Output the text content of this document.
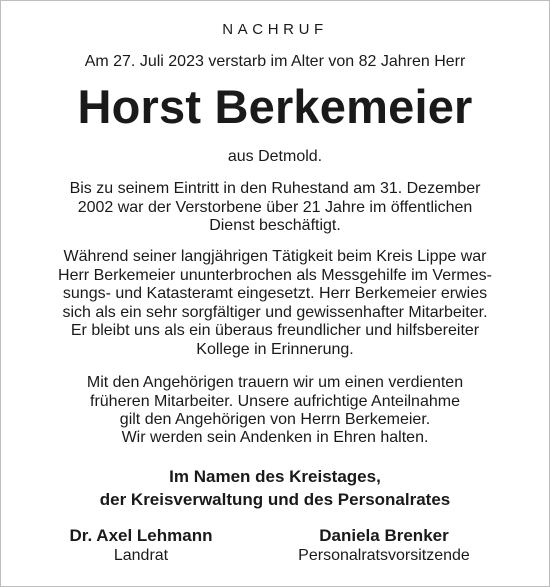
NACHRUF
Am 27. Juli 2023 verstarb im Alter von 82 Jahren Herr
Horst Berkemeier
aus Detmold.
Bis zu seinem Eintritt in den Ruhestand am 31. Dezember
2002 war der Verstorbene über 21 Jahre im öffentlichen
Dienst beschäftigt.
Während seiner langjährigen Tätigkeit beim Kreis Lippe war
Herr Berkemeier ununterbrochen als Messgehilfe im Vermes-
sungs- und Katasteramt eingesetzt. Herr Berkemeier erwies
sich als ein sehr sorgfältiger und gewissenhafter Mitarbeiter.
Er bleibt uns als ein überaus freundlicher und hilfsbereiter
Kollege in Erinnerung.
Mit den Angehörigen trauern wir um einen verdienten
früheren Mitarbeiter. Unsere aufrichtige Anteilnahme
gilt den Angehörigen von Herrn Berkemeier.
Wir werden sein Andenken in Ehren halten.
Im Namen des Kreistages,
der Kreisverwaltung und des Personalrates
Dr. Axel Lehmann
Landrat
Daniela Brenker
Personalratsvorsitzende
